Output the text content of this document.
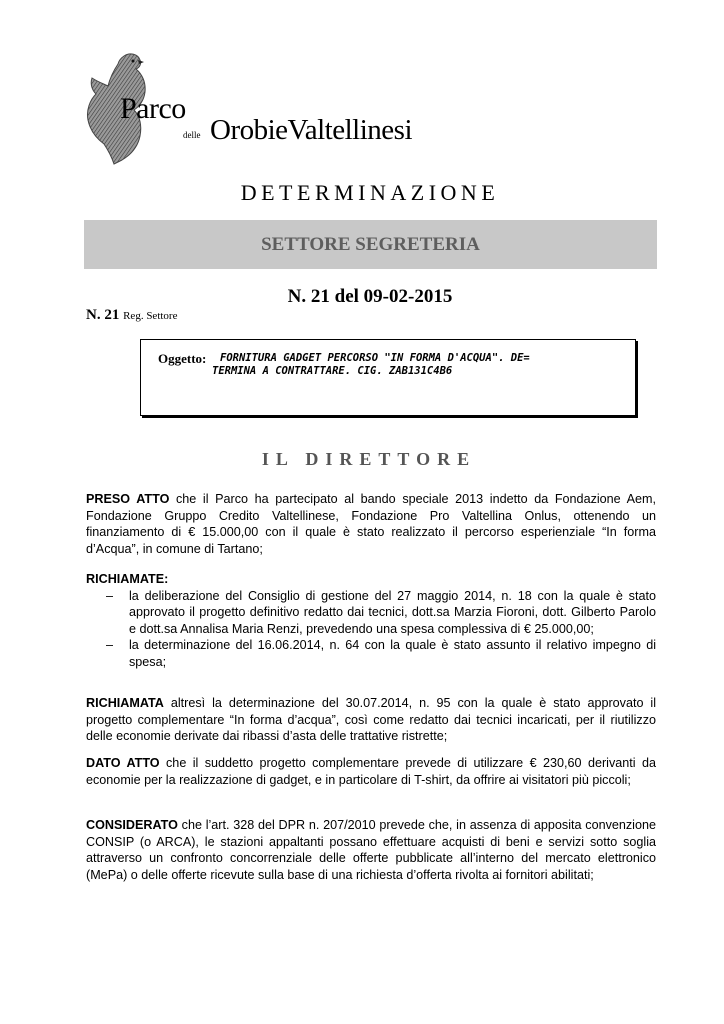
Parco
delle OrobieValtellinesi
DETERMINAZIONE
SETTORE SEGRETERIA
N. 21 del 09-02-2015
N. 21 Reg. Settore
Oggetto: FORNITURA GADGET PERCORSO "IN FORMA D'ACQUA". DE=
TERMINA A CONTRATTARE. CIG. ZAB131C4B6
IL DIRETTORE

PRESO ATTO che il Parco ha partecipato al bando speciale 2013 indetto da Fondazione Aem, Fondazione Gruppo Credito Valtellinese, Fondazione Pro Valtellina Onlus, ottenendo un finanziamento di € 15.000,00 con il quale è stato realizzato il percorso esperienziale “In forma d’Acqua”, in comune di Tartano;

RICHIAMATE:

– la deliberazione del Consiglio di gestione del 27 maggio 2014, n. 18 con la quale è stato approvato il progetto definitivo redatto dai tecnici, dott.sa Marzia Fioroni, dott. Gilberto Parolo e dott.sa Annalisa Maria Renzi, prevedendo una spesa complessiva di € 25.000,00;
– la determinazione del 16.06.2014, n. 64 con la quale è stato assunto il relativo impegno di spesa;

RICHIAMATA altresì la determinazione del 30.07.2014, n. 95 con la quale è stato approvato il progetto complementare “In forma d’acqua”, così come redatto dai tecnici incaricati, per il riutilizzo delle economie derivate dai ribassi d’asta delle trattative ristrette;

DATO ATTO che il suddetto progetto complementare prevede di utilizzare € 230,60 derivanti da economie per la realizzazione di gadget, e in particolare di T-shirt, da offrire ai visitatori più piccoli;

CONSIDERATO che l’art. 328 del DPR n. 207/2010 prevede che, in assenza di apposita convenzione CONSIP (o ARCA), le stazioni appaltanti possano effettuare acquisti di beni e servizi sotto soglia attraverso un confronto concorrenziale delle offerte pubblicate all’interno del mercato elettronico (MePa) o delle offerte ricevute sulla base di una richiesta d’offerta rivolta ai fornitori abilitati;
